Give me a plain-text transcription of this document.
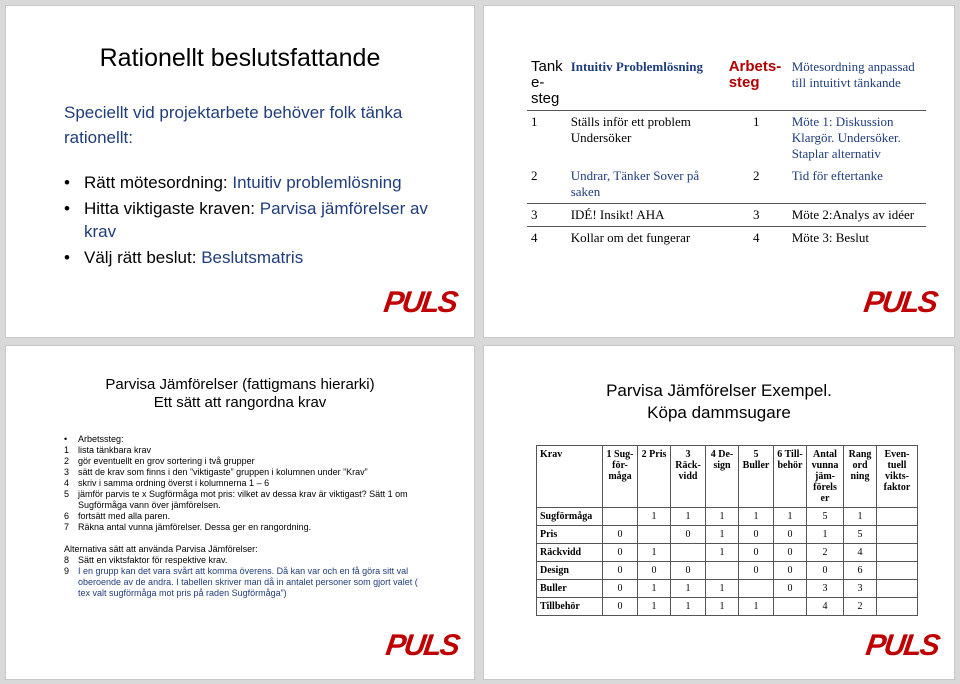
Rationellt beslutsfattande
Speciellt vid projektarbete behöver folk tänka rationellt:
• Rätt mötesordning: Intuitiv problemlösning
• Hitta viktigaste kraven: Parvisa jämförelser av krav
• Välj rätt beslut: Beslutsmatris
PULS
Tank e-steg	Intuitiv Problemlösning	Arbets-steg	Mötesordning anpassad till intuitivt tänkande
1	Ställs inför ett problem Undersöker	1	Möte 1: Diskussion Klargör. Undersöker. Staplar alternativ
2	Undrar, Tänker Sover på saken	2	Tid för eftertanke
3	IDÉ! Insikt! AHA	3	Möte 2:Analys av idéer
4	Kollar om det fungerar	4	Möte 3: Beslut
PULS
Parvisa Jämförelser (fattigmans hierarki)
Ett sätt att rangordna krav
•	Arbetssteg:
1 lista tänkbara krav
2 gör eventuellt en grov sortering i två grupper
3 sätt de krav som finns i den ”viktigaste” gruppen i kolumnen under ”Krav”
4 skriv i samma ordning överst i kolumnerna 1 – 6
5 jämför parvis te x Sugförmåga mot pris: vilket av dessa krav är viktigast? Sätt 1 om Sugförmåga vann över jämförelsen.
6 fortsätt med alla paren.
7 Räkna antal vunna jämförelser. Dessa ger en rangordning.
Alternativa sätt att använda Parvisa Jämförelser:
8 Sätt en viktsfaktor för respektive krav.
9 I en grupp kan det vara svårt att komma överens. Då kan var och en få göra sitt val oberoende av de andra. I tabellen skriver man då in antalet personer som gjort valet ( tex valt sugförmåga mot pris på raden Sugförmåga”)
PULS
Parvisa Jämförelser Exempel.
Köpa dammsugare
Krav	1 Sug-för-måga	2 Pris	3 Räck-vidd	4 De-sign	5 Buller	6 Till-behör	Antal vunna jäm-förels er	Rang ord ning	Even-tuell vikts-faktor
Sugförmåga		1	1	1	1	1	5	1	
Pris	0		0	1	0	0	1	5	
Räckvidd	0	1		1	0	0	2	4	
Design	0	0	0		0	0	0	6	
Buller	0	1	1	1		0	3	3	
Tillbehör	0	1	1	1	1		4	2	
PULS
